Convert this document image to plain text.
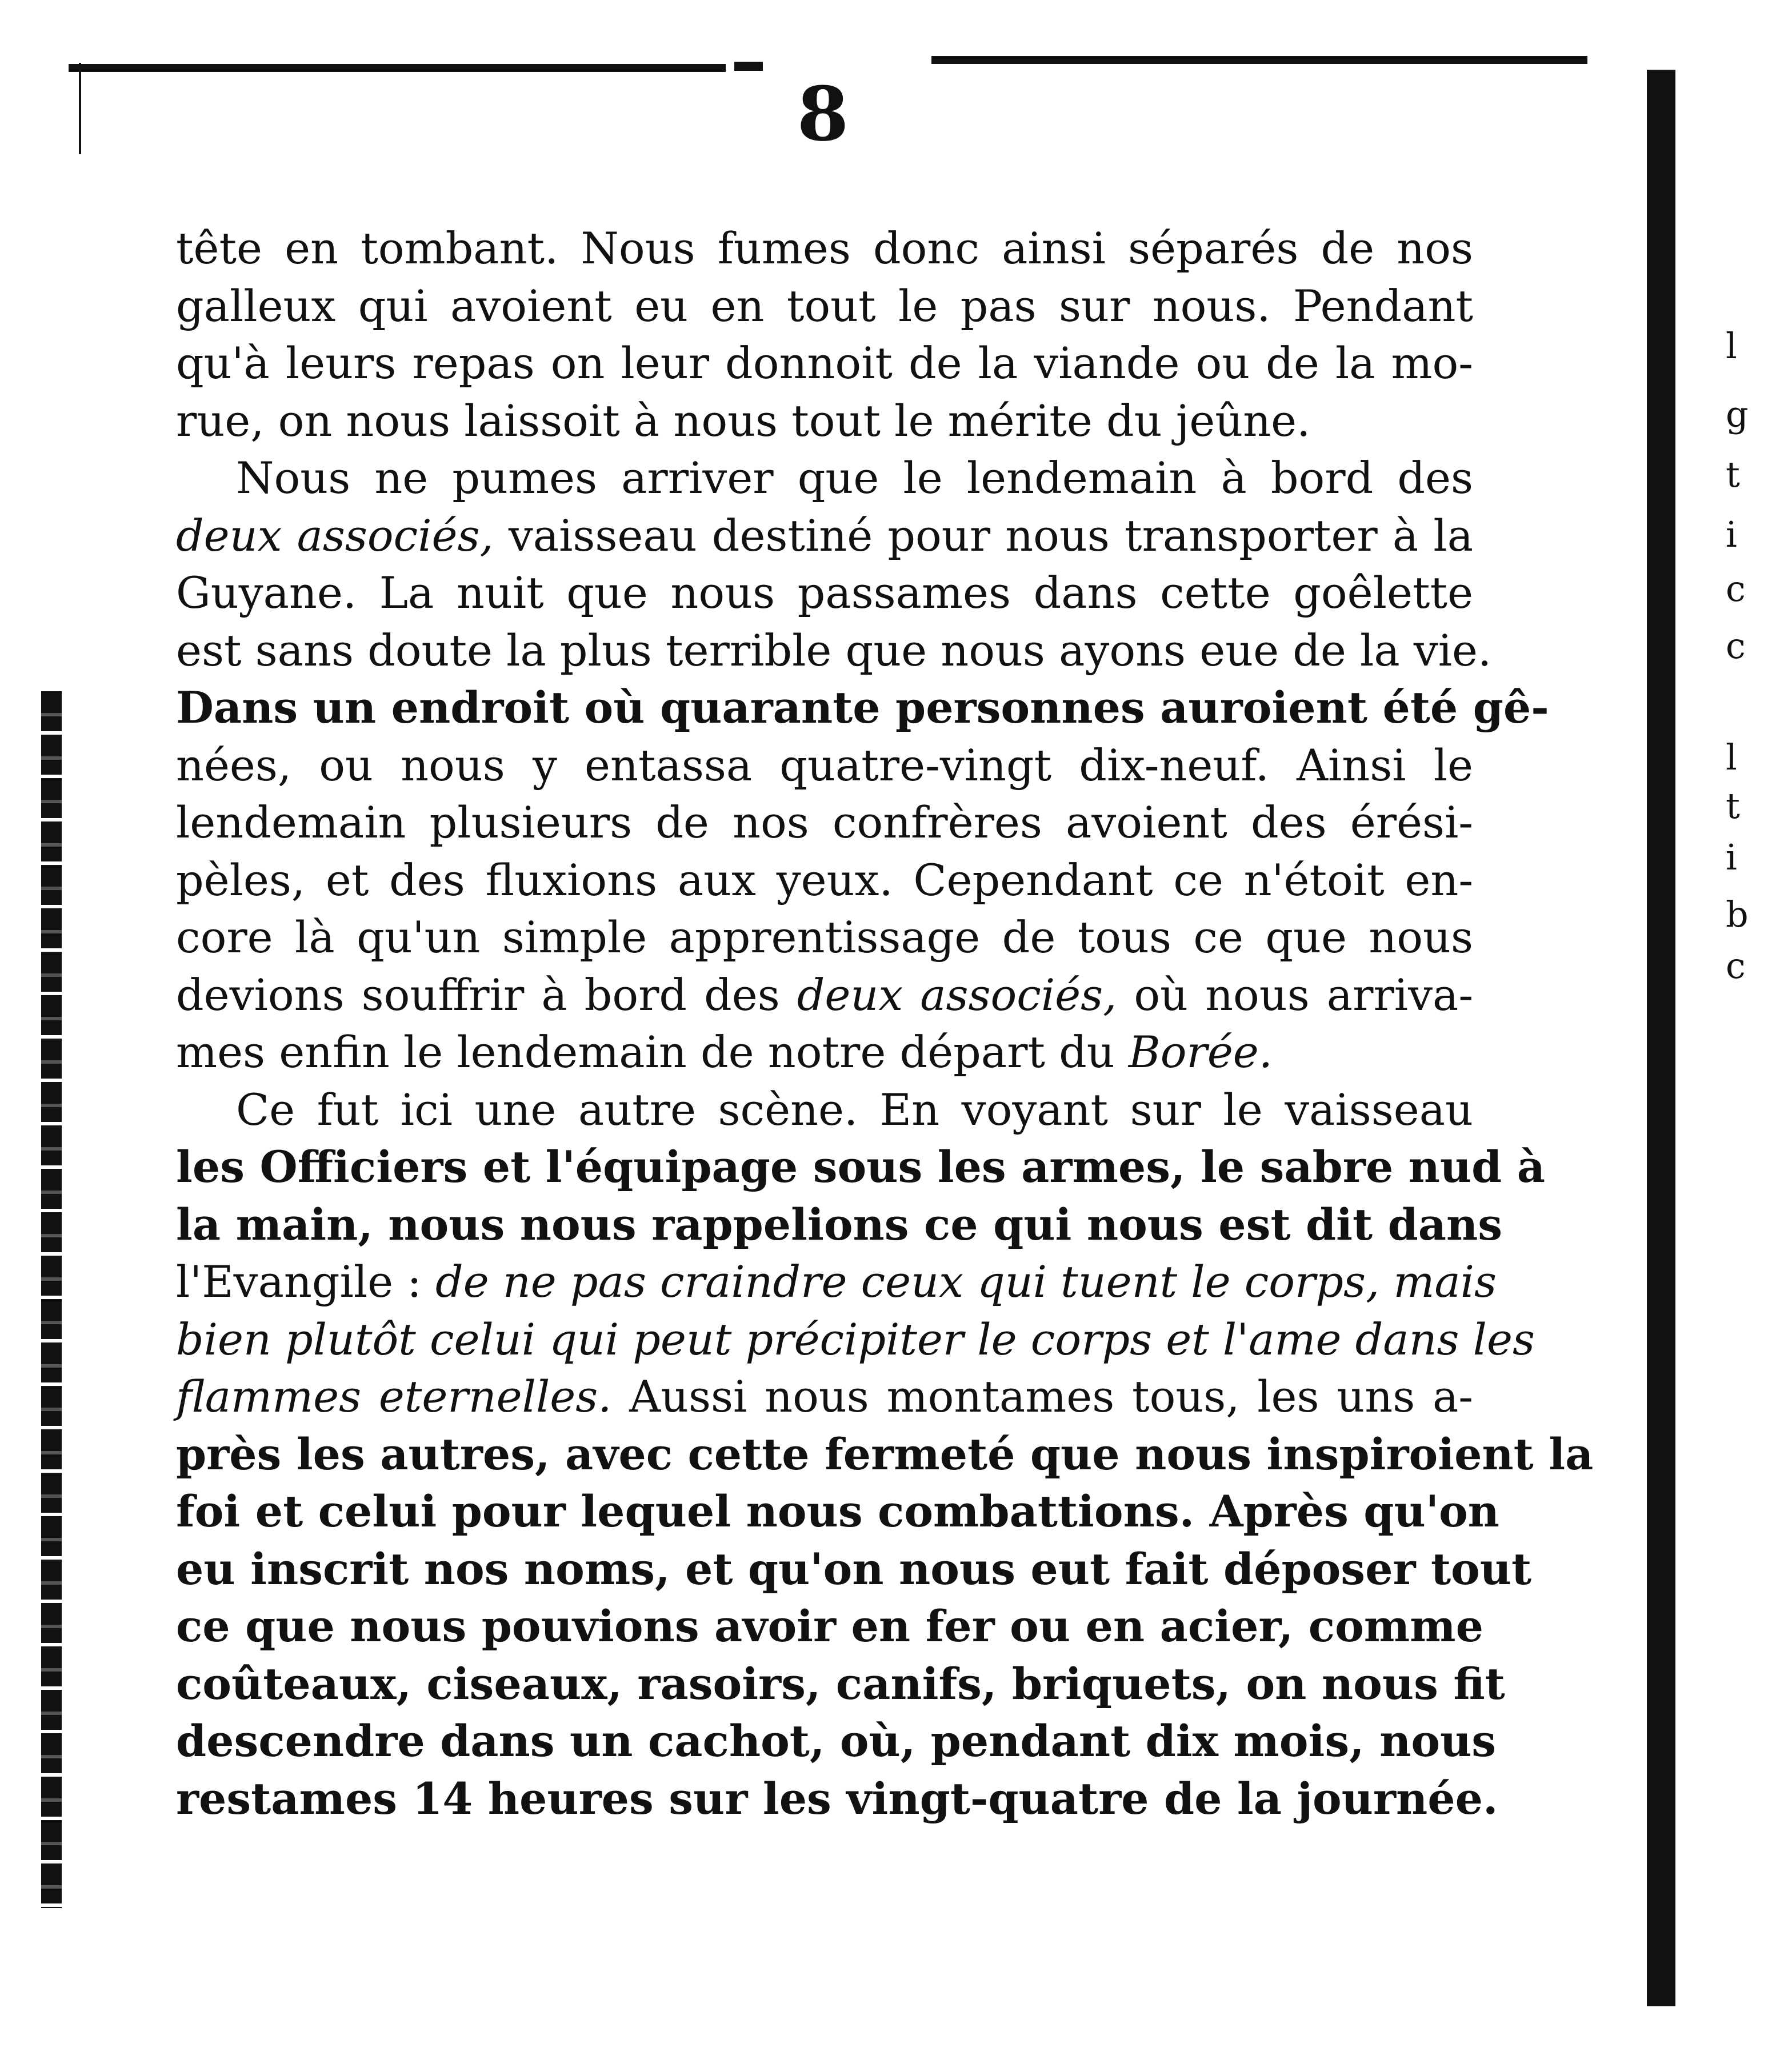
8
tête en tombant. Nous fumes donc ainsi séparés de nos
galleux qui avoient eu en tout le pas sur nous. Pendant
qu'à leurs repas on leur donnoit de la viande ou de la mo-
rue, on nous laissoit à nous tout le mérite du jeûne.
Nous ne pumes arriver que le lendemain à bord des
deux associés, vaisseau destiné pour nous transporter à la
Guyane. La nuit que nous passames dans cette goêlette
est sans doute la plus terrible que nous ayons eue de la vie.
Dans un endroit où quarante personnes auroient été gê-
nées, ou nous y entassa quatre-vingt dix-neuf. Ainsi le
lendemain plusieurs de nos confrères avoient des érési-
pèles, et des fluxions aux yeux. Cependant ce n'étoit en-
core là qu'un simple apprentissage de tous ce que nous
devions souffrir à bord des deux associés, où nous arriva-
mes enfin le lendemain de notre départ du Borée.
Ce fut ici une autre scène. En voyant sur le vaisseau
les Officiers et l'équipage sous les armes, le sabre nud à
la main, nous nous rappelions ce qui nous est dit dans
l'Evangile : de ne pas craindre ceux qui tuent le corps, mais
bien plutôt celui qui peut précipiter le corps et l'ame dans les
flammes eternelles. Aussi nous montames tous, les uns a-
près les autres, avec cette fermeté que nous inspiroient la
foi et celui pour lequel nous combattions. Après qu'on
eu inscrit nos noms, et qu'on nous eut fait déposer tout
ce que nous pouvions avoir en fer ou en acier, comme
coûteaux, ciseaux, rasoirs, canifs, briquets, on nous fit
descendre dans un cachot, où, pendant dix mois, nous
restames 14 heures sur les vingt-quatre de la journée.
l
g
t
i
c
c
l
t
i
b
c
